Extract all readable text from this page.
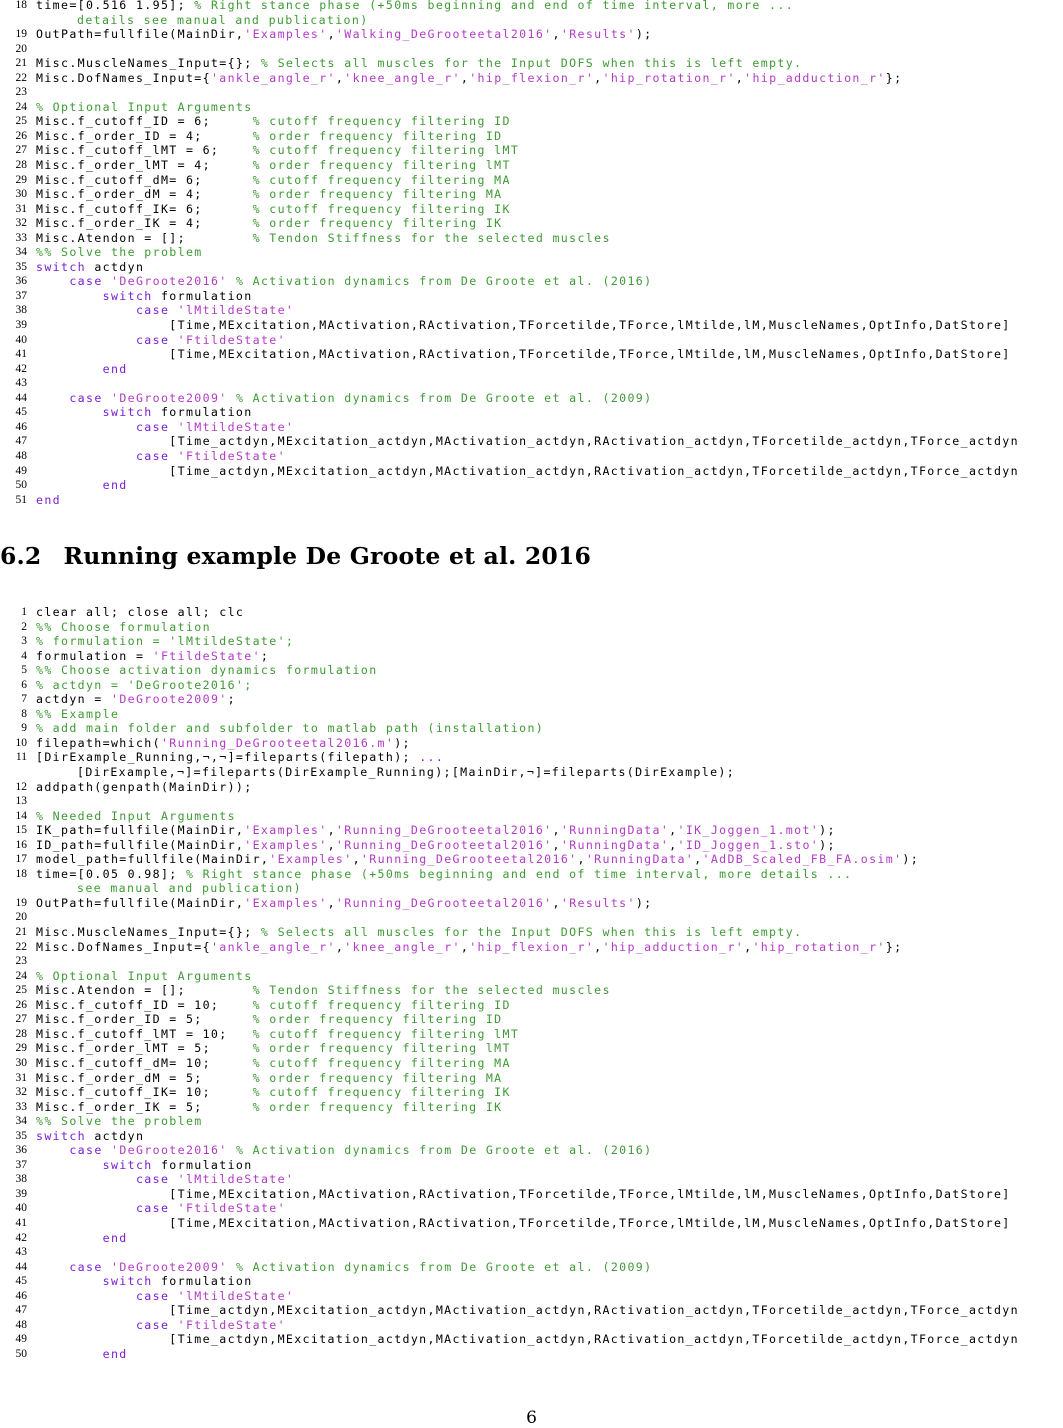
18 time=[0.516 1.95]; % Right stance phase (+50ms beginning and end of time interval, more ...
details see manual and publication)
19 OutPath=fullfile(MainDir,'Examples','Walking_DeGrooteetal2016','Results');
20
21 Misc.MuscleNames_Input={}; % Selects all muscles for the Input DOFS when this is left empty.
22 Misc.DofNames_Input={'ankle_angle_r','knee_angle_r','hip_flexion_r','hip_rotation_r','hip_adduction_r'};
23
24 % Optional Input Arguments
25 Misc.f_cutoff_ID = 6;     % cutoff frequency filtering ID
26 Misc.f_order_ID = 4;      % order frequency filtering ID
27 Misc.f_cutoff_lMT = 6;    % cutoff frequency filtering lMT
28 Misc.f_order_lMT = 4;     % order frequency filtering lMT
29 Misc.f_cutoff_dM= 6;      % cutoff frequency filtering MA
30 Misc.f_order_dM = 4;      % order frequency filtering MA
31 Misc.f_cutoff_IK= 6;      % cutoff frequency filtering IK
32 Misc.f_order_IK = 4;      % order frequency filtering IK
33 Misc.Atendon = [];        % Tendon Stiffness for the selected muscles
34 %% Solve the problem
35 switch actdyn
36	case 'DeGroote2016' % Activation dynamics from De Groote et al. (2016)
37	switch formulation
38	case 'lMtildeState'
39 [Time,MExcitation,MActivation,RActivation,TForcetilde,TForce,lMtilde,lM,MuscleNames,OptInfo,DatStore]
40	case 'FtildeState'
41 [Time,MExcitation,MActivation,RActivation,TForcetilde,TForce,lMtilde,lM,MuscleNames,OptInfo,DatStore]
42	end
43
44	case 'DeGroote2009' % Activation dynamics from De Groote et al. (2009)
45	switch formulation
46	case 'lMtildeState'
47 [Time_actdyn,MExcitation_actdyn,MActivation_actdyn,RActivation_actdyn,TForcetilde_actdyn,TForce_actdyn
48	case 'FtildeState'
49 [Time_actdyn,MExcitation_actdyn,MActivation_actdyn,RActivation_actdyn,TForcetilde_actdyn,TForce_actdyn
50	end
51 end
6.2 Running example De Groote et al. 2016
1 clear all; close all; clc
2 %% Choose formulation
3 % formulation = 'lMtildeState';
4 formulation = 'FtildeState';
5 %% Choose activation dynamics formulation
6 % actdyn = 'DeGroote2016';
7 actdyn = 'DeGroote2009';
8 %% Example
9 % add main folder and subfolder to matlab path (installation)
10 filepath=which('Running_DeGrooteetal2016.m');
11 [DirExample_Running,¬,¬]=fileparts(filepath); ...
[DirExample,¬]=fileparts(DirExample_Running);[MainDir,¬]=fileparts(DirExample);
12 addpath(genpath(MainDir));
13
14 % Needed Input Arguments
15 IK_path=fullfile(MainDir,'Examples','Running_DeGrooteetal2016','RunningData','IK_Joggen_1.mot');
16 ID_path=fullfile(MainDir,'Examples','Running_DeGrooteetal2016','RunningData','ID_Joggen_1.sto');
17 model_path=fullfile(MainDir,'Examples','Running_DeGrooteetal2016','RunningData','AdDB_Scaled_FB_FA.osim');
18 time=[0.05 0.98]; % Right stance phase (+50ms beginning and end of time interval, more details ...
see manual and publication)
19 OutPath=fullfile(MainDir,'Examples','Running_DeGrooteetal2016','Results');
20
21 Misc.MuscleNames_Input={}; % Selects all muscles for the Input DOFS when this is left empty.
22 Misc.DofNames_Input={'ankle_angle_r','knee_angle_r','hip_flexion_r','hip_adduction_r','hip_rotation_r'};
23
24 % Optional Input Arguments
25 Misc.Atendon = [];        % Tendon Stiffness for the selected muscles
26 Misc.f_cutoff_ID = 10;    % cutoff frequency filtering ID
27 Misc.f_order_ID = 5;      % order frequency filtering ID
28 Misc.f_cutoff_lMT = 10;   % cutoff frequency filtering lMT
29 Misc.f_order_lMT = 5;     % order frequency filtering lMT
30 Misc.f_cutoff_dM= 10;     % cutoff frequency filtering MA
31 Misc.f_order_dM = 5;      % order frequency filtering MA
32 Misc.f_cutoff_IK= 10;     % cutoff frequency filtering IK
33 Misc.f_order_IK = 5;      % order frequency filtering IK
34 %% Solve the problem
35 switch actdyn
36	case 'DeGroote2016' % Activation dynamics from De Groote et al. (2016)
37	switch formulation
38	case 'lMtildeState'
39 [Time,MExcitation,MActivation,RActivation,TForcetilde,TForce,lMtilde,lM,MuscleNames,OptInfo,DatStore]
40	case 'FtildeState'
41 [Time,MExcitation,MActivation,RActivation,TForcetilde,TForce,lMtilde,lM,MuscleNames,OptInfo,DatStore]
42	end
43
44	case 'DeGroote2009' % Activation dynamics from De Groote et al. (2009)
45	switch formulation
46	case 'lMtildeState'
47 [Time_actdyn,MExcitation_actdyn,MActivation_actdyn,RActivation_actdyn,TForcetilde_actdyn,TForce_actdyn
48	case 'FtildeState'
49 [Time_actdyn,MExcitation_actdyn,MActivation_actdyn,RActivation_actdyn,TForcetilde_actdyn,TForce_actdyn
50	end
6
